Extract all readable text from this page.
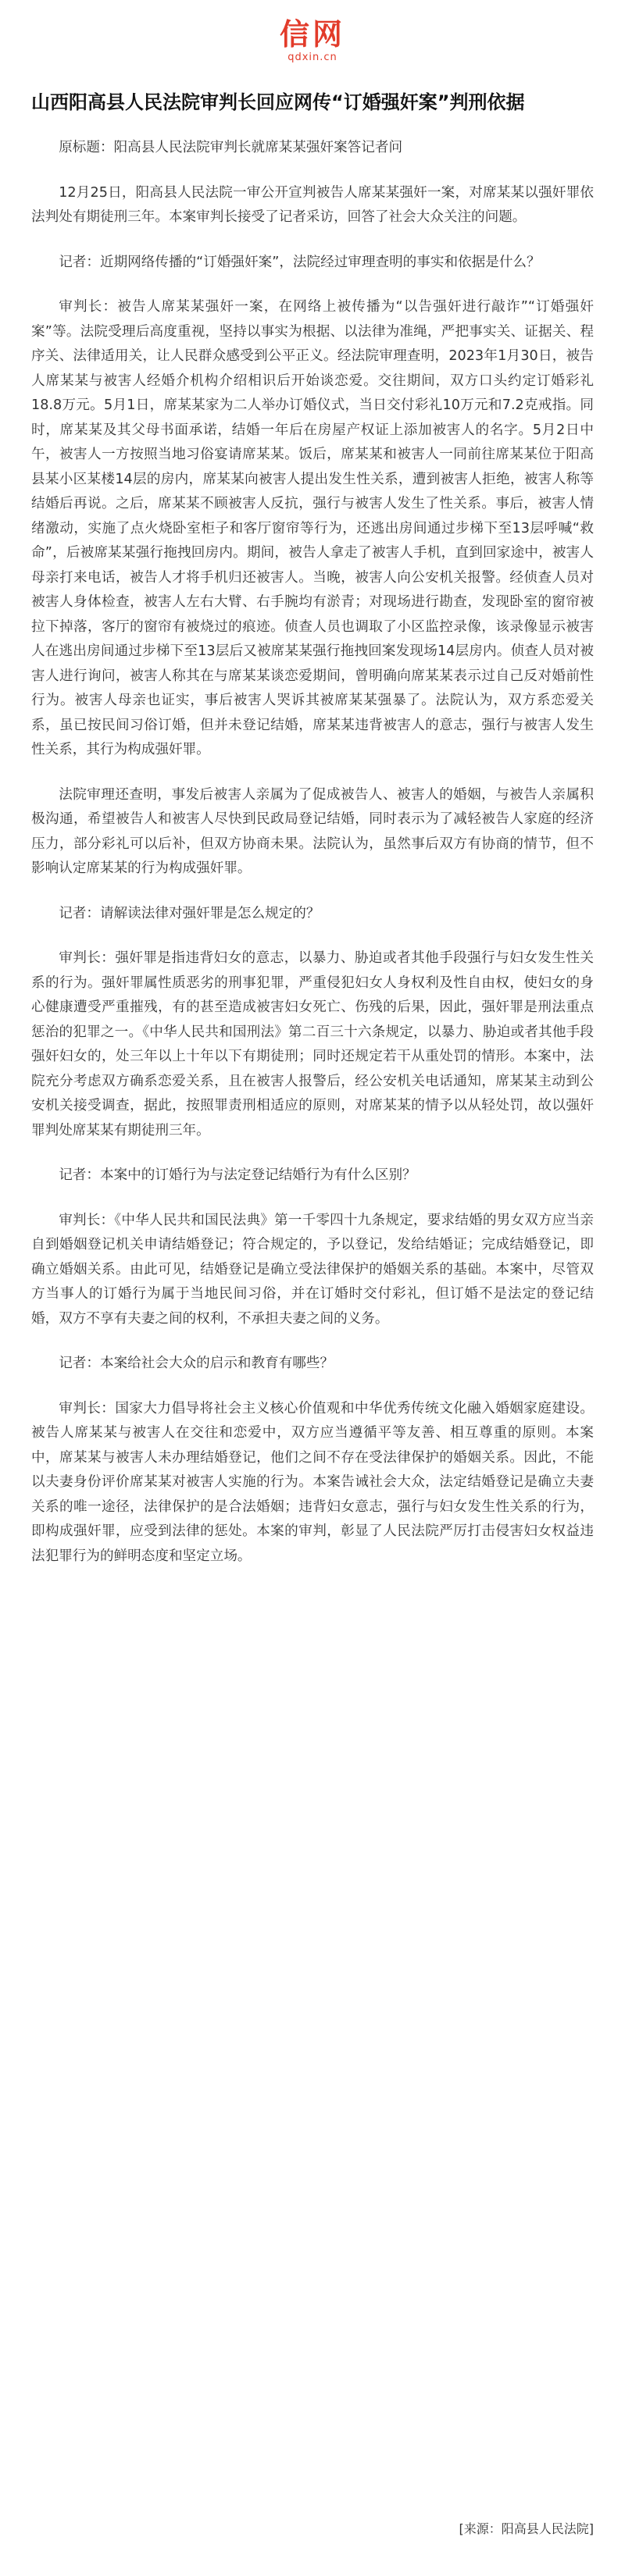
信网
qdxin.cn
山西阳高县人民法院审判长回应网传“订婚强奸案”判刑依据

原标题：阳高县人民法院审判长就席某某强奸案答记者问

12月25日，阳高县人民法院一审公开宣判被告人席某某强奸一案，对席某某以强奸罪依法判处有期徒刑三年。本案审判长接受了记者采访，回答了社会大众关注的问题。

记者：近期网络传播的“订婚强奸案”，法院经过审理查明的事实和依据是什么？

审判长：被告人席某某强奸一案，在网络上被传播为“以告强奸进行敲诈”“订婚强奸案”等。法院受理后高度重视，坚持以事实为根据、以法律为准绳，严把事实关、证据关、程序关、法律适用关，让人民群众感受到公平正义。经法院审理查明，2023年1月30日，被告人席某某与被害人经婚介机构介绍相识后开始谈恋爱。交往期间，双方口头约定订婚彩礼18.8万元。5月1日，席某某家为二人举办订婚仪式，当日交付彩礼10万元和7.2克戒指。同时，席某某及其父母书面承诺，结婚一年后在房屋产权证上添加被害人的名字。5月2日中午，被害人一方按照当地习俗宴请席某某。饭后，席某某和被害人一同前往席某某位于阳高县某小区某楼14层的房内，席某某向被害人提出发生性关系，遭到被害人拒绝，被害人称等结婚后再说。之后，席某某不顾被害人反抗，强行与被害人发生了性关系。事后，被害人情绪激动，实施了点火烧卧室柜子和客厅窗帘等行为，还逃出房间通过步梯下至13层呼喊“救命”，后被席某某强行拖拽回房内。期间，被告人拿走了被害人手机，直到回家途中，被害人母亲打来电话，被告人才将手机归还被害人。当晚，被害人向公安机关报警。经侦查人员对被害人身体检查，被害人左右大臂、右手腕均有淤青；对现场进行勘查，发现卧室的窗帘被拉下掉落，客厅的窗帘有被烧过的痕迹。侦查人员也调取了小区监控录像，该录像显示被害人在逃出房间通过步梯下至13层后又被席某某强行拖拽回案发现场14层房内。侦查人员对被害人进行询问，被害人称其在与席某某谈恋爱期间，曾明确向席某某表示过自己反对婚前性行为。被害人母亲也证实，事后被害人哭诉其被席某某强暴了。法院认为，双方系恋爱关系，虽已按民间习俗订婚，但并未登记结婚，席某某违背被害人的意志，强行与被害人发生性关系，其行为构成强奸罪。

法院审理还查明，事发后被害人亲属为了促成被告人、被害人的婚姻，与被告人亲属积极沟通，希望被告人和被害人尽快到民政局登记结婚，同时表示为了减轻被告人家庭的经济压力，部分彩礼可以后补，但双方协商未果。法院认为，虽然事后双方有协商的情节，但不影响认定席某某的行为构成强奸罪。

记者：请解读法律对强奸罪是怎么规定的？

审判长：强奸罪是指违背妇女的意志，以暴力、胁迫或者其他手段强行与妇女发生性关系的行为。强奸罪属性质恶劣的刑事犯罪，严重侵犯妇女人身权利及性自由权，使妇女的身心健康遭受严重摧残，有的甚至造成被害妇女死亡、伤残的后果，因此，强奸罪是刑法重点惩治的犯罪之一。《中华人民共和国刑法》第二百三十六条规定，以暴力、胁迫或者其他手段强奸妇女的，处三年以上十年以下有期徒刑；同时还规定若干从重处罚的情形。本案中，法院充分考虑双方确系恋爱关系，且在被害人报警后，经公安机关电话通知，席某某主动到公安机关接受调查，据此，按照罪责刑相适应的原则，对席某某的情予以从轻处罚，故以强奸罪判处席某某有期徒刑三年。

记者：本案中的订婚行为与法定登记结婚行为有什么区别？

审判长：《中华人民共和国民法典》第一千零四十九条规定，要求结婚的男女双方应当亲自到婚姻登记机关申请结婚登记；符合规定的，予以登记，发给结婚证；完成结婚登记，即确立婚姻关系。由此可见，结婚登记是确立受法律保护的婚姻关系的基础。本案中，尽管双方当事人的订婚行为属于当地民间习俗，并在订婚时交付彩礼，但订婚不是法定的登记结婚，双方不享有夫妻之间的权利，不承担夫妻之间的义务。

记者：本案给社会大众的启示和教育有哪些？

审判长：国家大力倡导将社会主义核心价值观和中华优秀传统文化融入婚姻家庭建设。被告人席某某与被害人在交往和恋爱中，双方应当遵循平等友善、相互尊重的原则。本案中，席某某与被害人未办理结婚登记，他们之间不存在受法律保护的婚姻关系。因此，不能以夫妻身份评价席某某对被害人实施的行为。本案告诫社会大众，法定结婚登记是确立夫妻关系的唯一途径，法律保护的是合法婚姻；违背妇女意志，强行与妇女发生性关系的行为，即构成强奸罪，应受到法律的惩处。本案的审判，彰显了人民法院严厉打击侵害妇女权益违法犯罪行为的鲜明态度和坚定立场。

[来源：阳高县人民法院]
